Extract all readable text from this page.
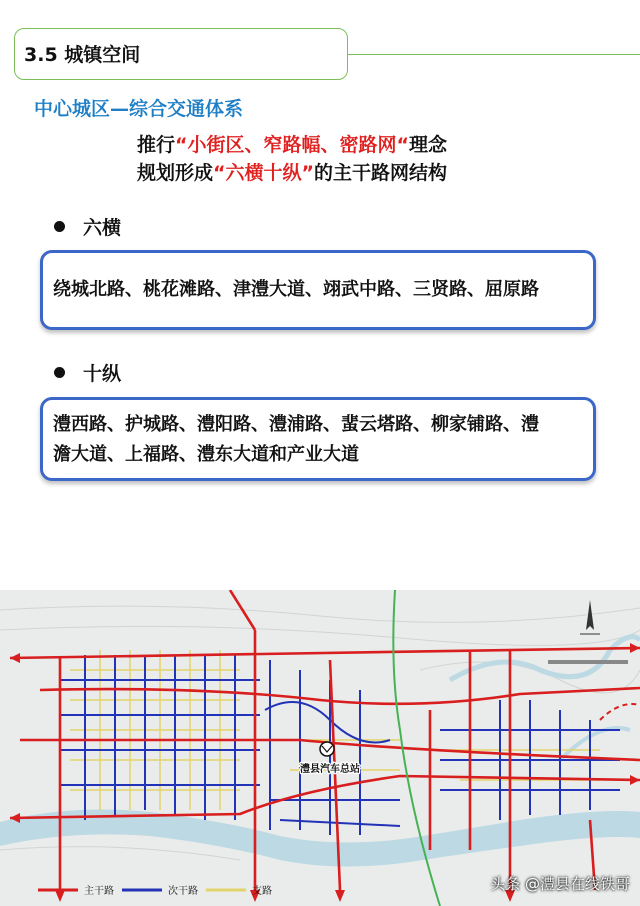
3.5 城镇空间
中心城区—综合交通体系
推行“小街区、窄路幅、密路网“理念
规划形成“六横十纵”的主干路网结构
六横
绕城北路、桃花滩路、津澧大道、翊武中路、三贤路、屈原路
十纵
澧西路、护城路、澧阳路、澧浦路、蜚云塔路、柳家铺路、澧
澹大道、上福路、澧东大道和产业大道
澧县汽车总站
主干路	次干路	支路	头条 @澧县在线铁哥
